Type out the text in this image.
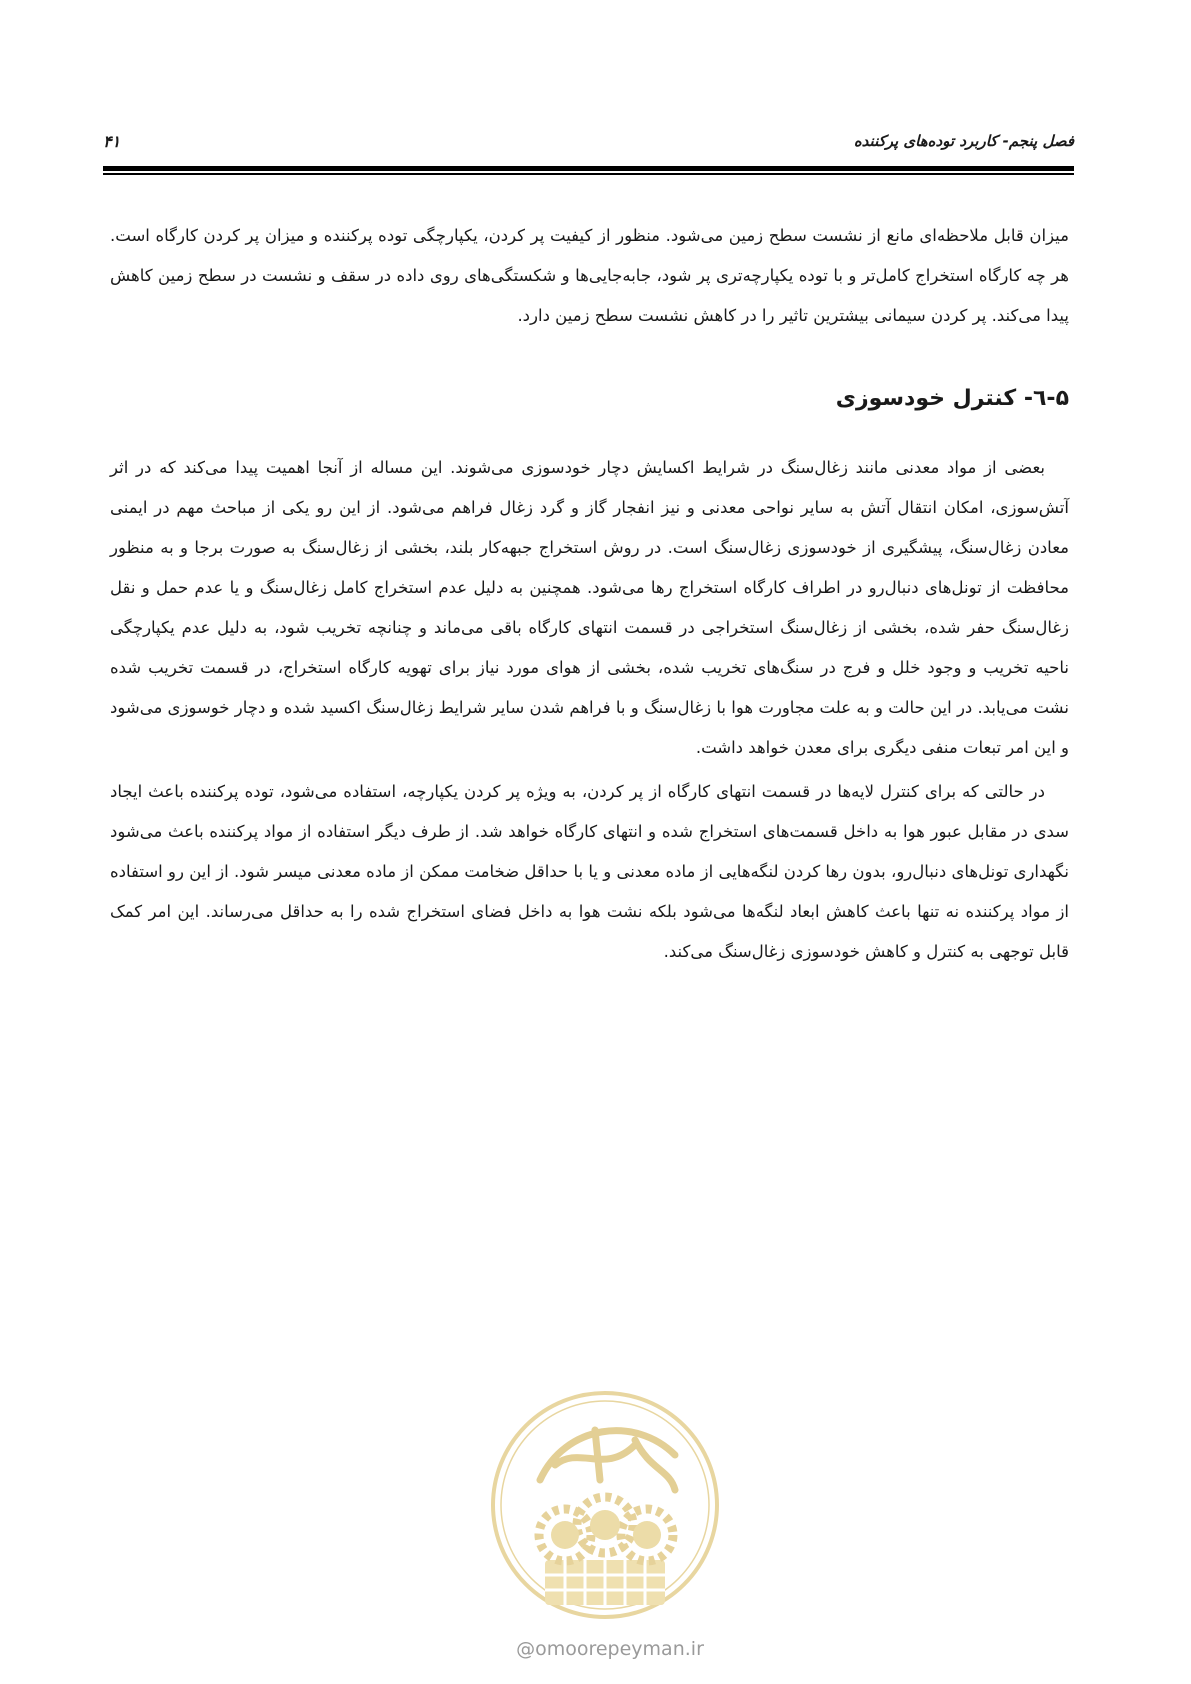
فصل پنجم- کاربرد توده‌های پرکننده
۴۱

میزان قابل ملاحظه‌ای مانع از نشست سطح زمین می‌شود. منظور از کیفیت پر کردن، یکپارچگی توده پرکننده و میزان پر کردن کارگاه است. هر چه کارگاه استخراج کامل‌تر و با توده یکپارچه‌تری پر شود، جابه‌جایی‌ها و شکستگی‌های روی داده در سقف و نشست در سطح زمین کاهش پیدا می‌کند. پر کردن سیمانی بیشترین تاثیر را در کاهش نشست سطح زمین دارد.

۵-٦- کنترل خودسوزی

بعضی از مواد معدنی مانند زغال‌سنگ در شرایط اکسایش دچار خودسوزی می‌شوند. این مساله از آنجا اهمیت پیدا می‌کند که در اثر آتش‌سوزی، امکان انتقال آتش به سایر نواحی معدنی و نیز انفجار گاز و گرد زغال فراهم می‌شود. از این رو یکی از مباحث مهم در ایمنی معادن زغال‌سنگ، پیشگیری از خودسوزی زغال‌سنگ است. در روش استخراج جبهه‌کار بلند، بخشی از زغال‌سنگ به صورت برجا و به منظور محافظت از تونل‌های دنبال‌رو در اطراف کارگاه استخراج رها می‌شود. همچنین به دلیل عدم استخراج کامل زغال‌سنگ و یا عدم حمل و نقل زغال‌سنگ حفر شده، بخشی از زغال‌سنگ استخراجی در قسمت انتهای کارگاه باقی می‌ماند و چنانچه تخریب شود، به دلیل عدم یکپارچگی ناحیه تخریب و وجود خلل و فرج در سنگ‌های تخریب شده، بخشی از هوای مورد نیاز برای تهویه کارگاه استخراج، در قسمت تخریب شده نشت می‌یابد. در این حالت و به علت مجاورت هوا با زغال‌سنگ و با فراهم شدن سایر شرایط زغال‌سنگ اکسید شده و دچار خوسوزی می‌شود و این امر تبعات منفی دیگری برای معدن خواهد داشت.

در حالتی که برای کنترل لایه‌ها در قسمت انتهای کارگاه از پر کردن، به ویژه پر کردن یکپارچه، استفاده می‌شود، توده پرکننده باعث ایجاد سدی در مقابل عبور هوا به داخل قسمت‌های استخراج شده و انتهای کارگاه خواهد شد. از طرف دیگر استفاده از مواد پرکننده باعث می‌شود نگهداری تونل‌های دنبال‌رو، بدون رها کردن لنگه‌هایی از ماده معدنی و یا با حداقل ضخامت ممکن از ماده معدنی میسر شود. از این رو استفاده از مواد پرکننده نه تنها باعث کاهش ابعاد لنگه‌ها می‌شود بلکه نشت هوا به داخل فضای استخراج شده را به حداقل می‌رساند. این امر کمک قابل توجهی به کنترل و کاهش خودسوزی زغال‌سنگ می‌کند.

@omoorepeyman.ir
